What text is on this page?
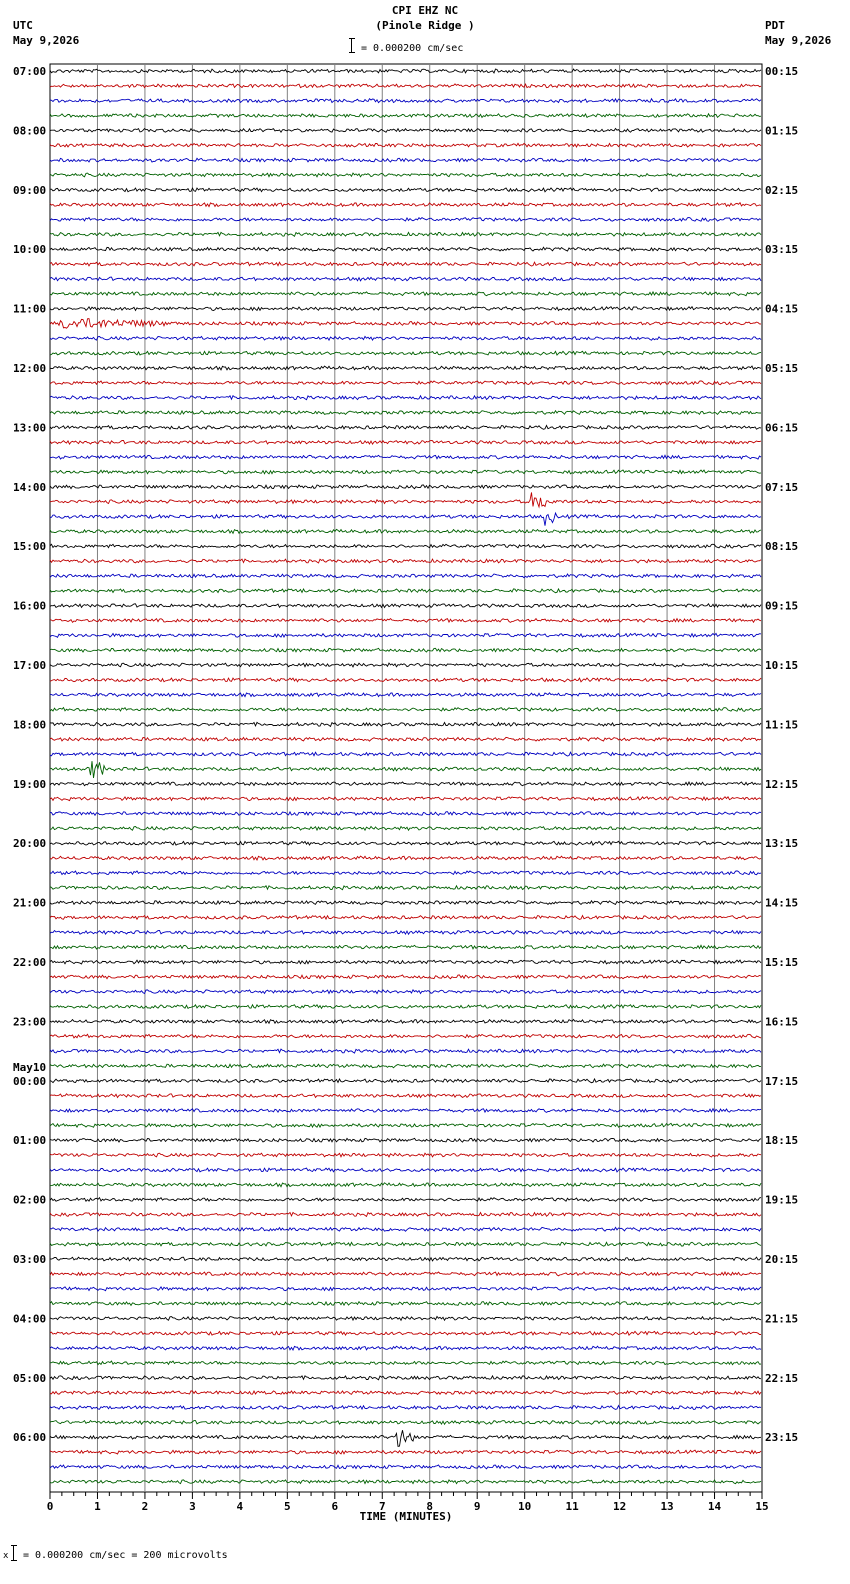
CPI EHZ NC
(Pinole Ridge )
UTC
May 9,2026
PDT
May 9,2026
= 0.000200 cm/sec
07:00
08:00
09:00
10:00
11:00
12:00
13:00
14:00
15:00
16:00
17:00
18:00
19:00
20:00
21:00
22:00
23:00
00:00
01:00
02:00
03:00
04:00
05:00
06:00
May10
00:15
01:15
02:15
03:15
04:15
05:15
06:15
07:15
08:15
09:15
10:15
11:15
12:15
13:15
14:15
15:15
16:15
17:15
18:15
19:15
20:15
21:15
22:15
23:15
0	1	2	3	4	5	6	7	8	9	10	11	12	13	14	15
TIME (MINUTES)
x = 0.000200 cm/sec = 200 microvolts
